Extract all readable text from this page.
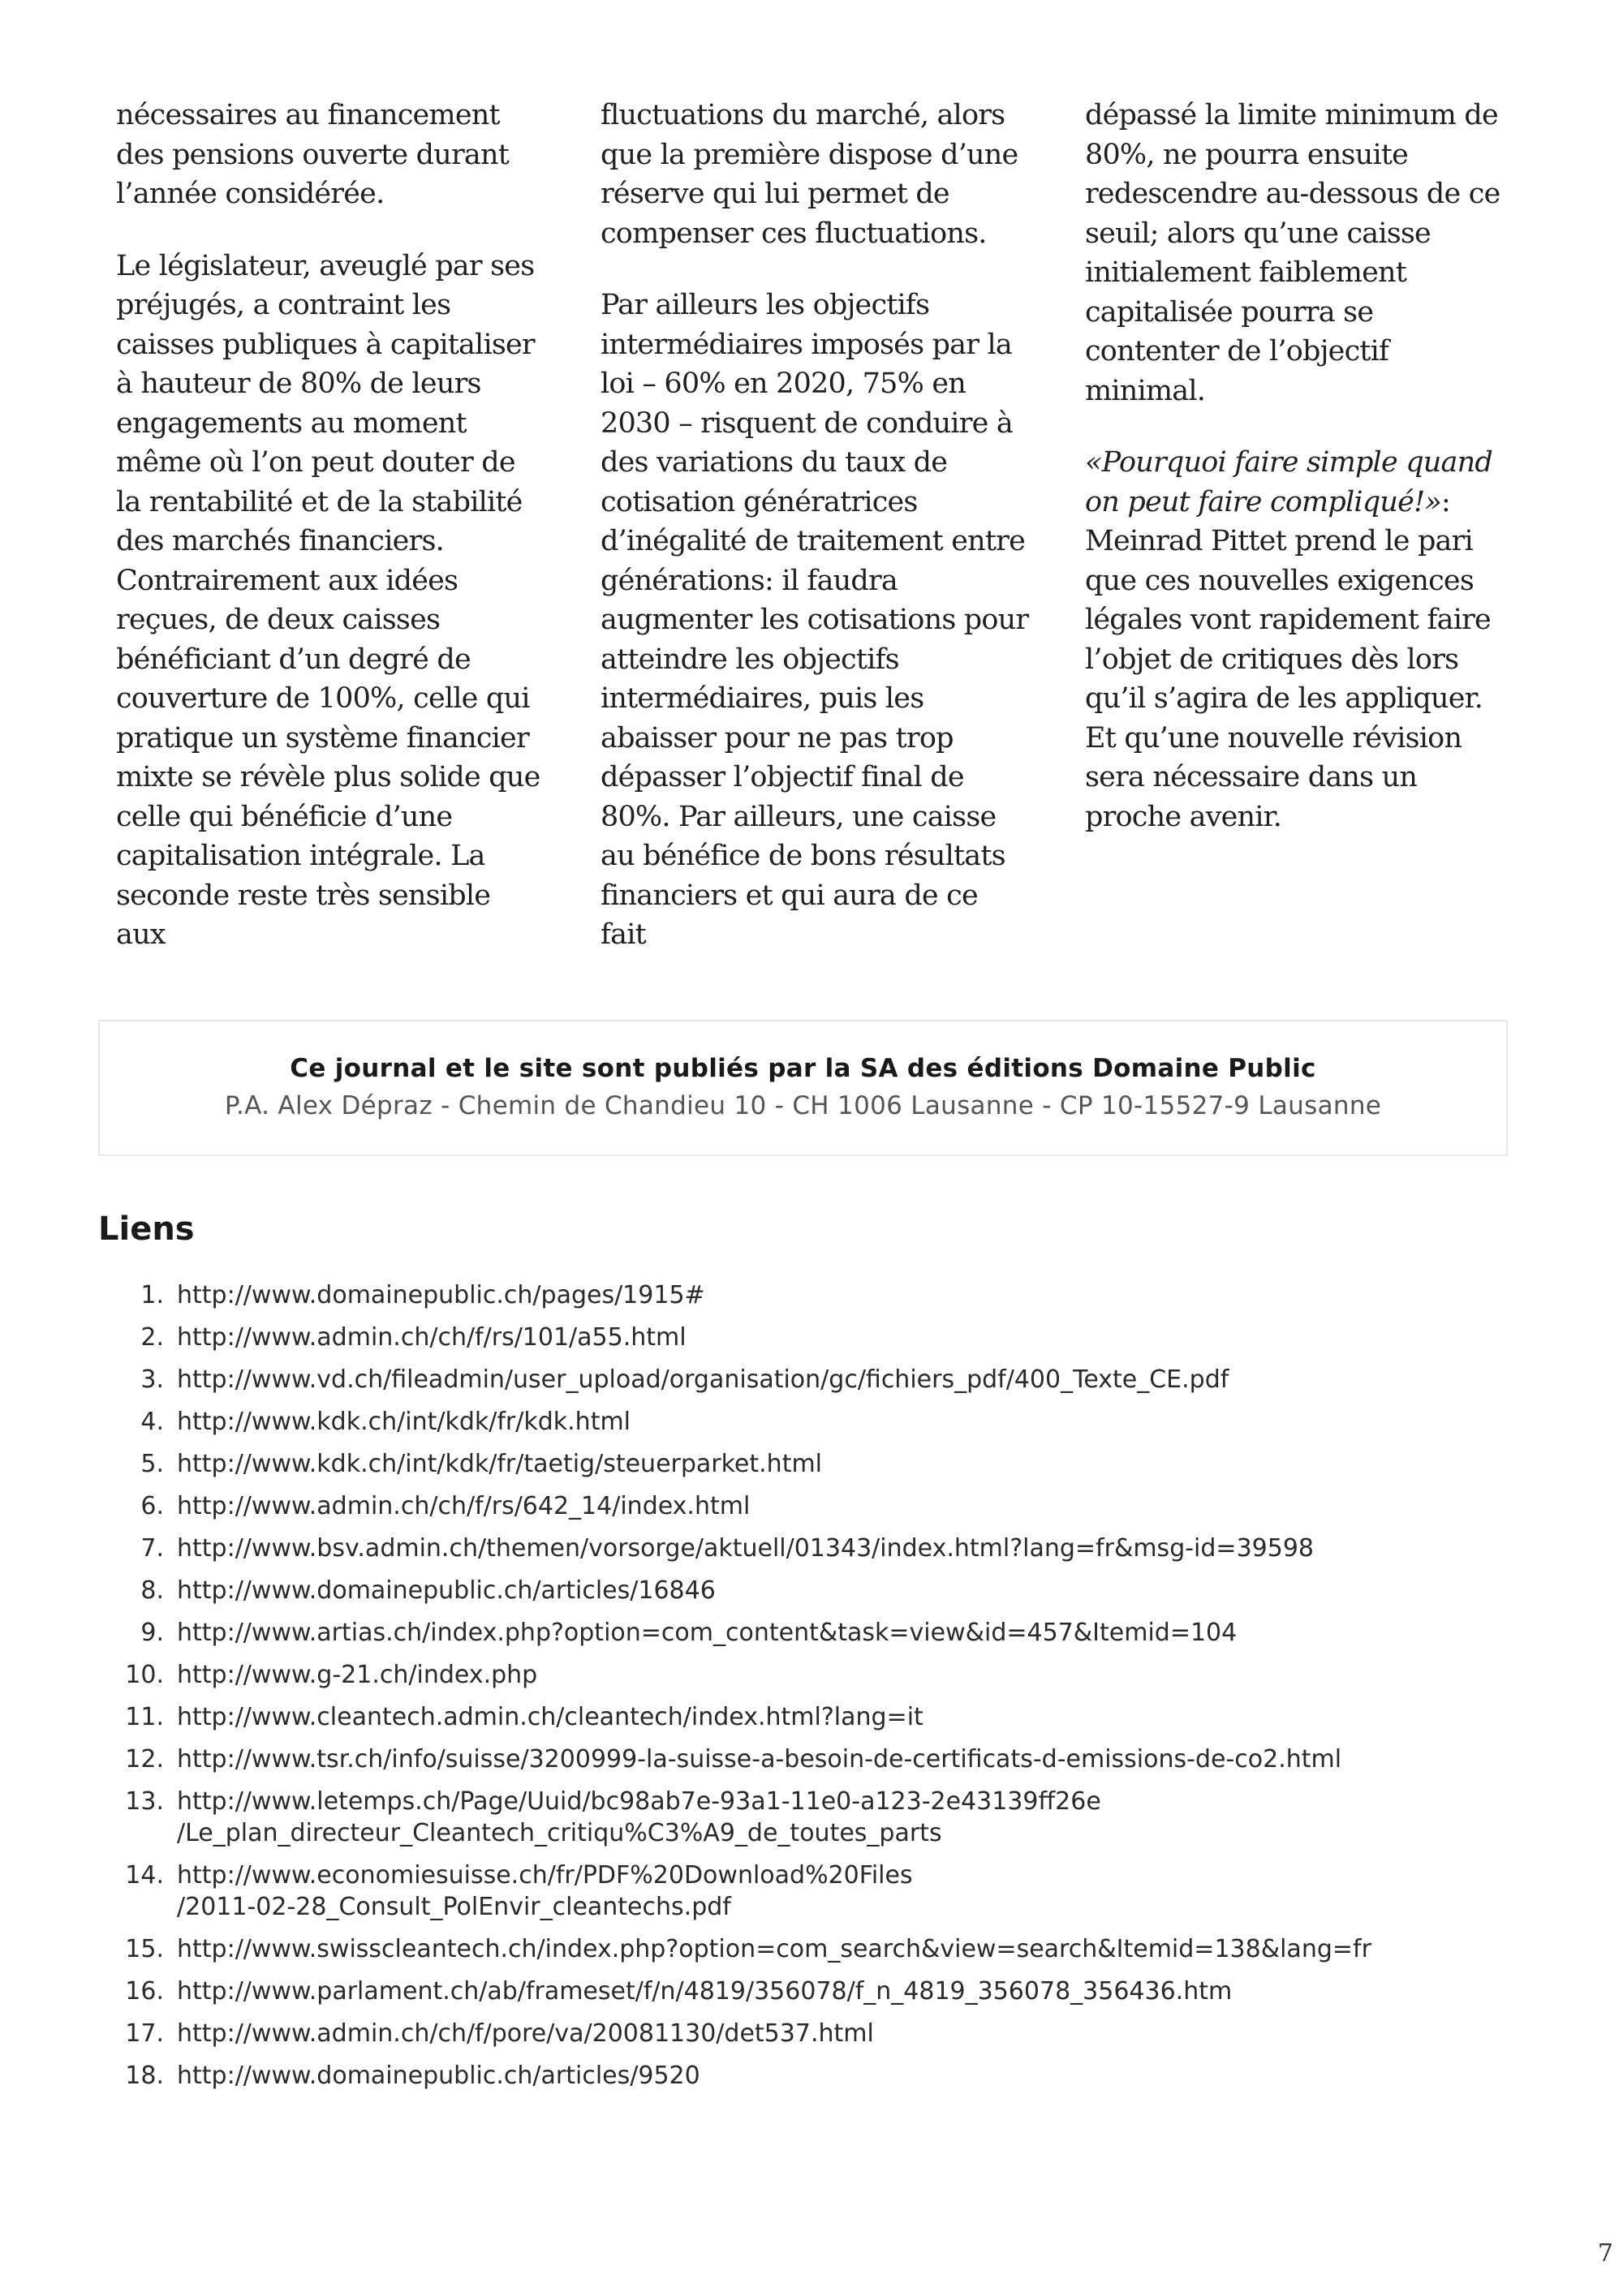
nécessaires au financement des pensions ouverte durant l’année considérée.

Le législateur, aveuglé par ses préjugés, a contraint les caisses publiques à capitaliser à hauteur de 80% de leurs engagements au moment même où l’on peut douter de la rentabilité et de la stabilité des marchés financiers. Contrairement aux idées reçues, de deux caisses bénéficiant d’un degré de couverture de 100%, celle qui pratique un système financier mixte se révèle plus solide que celle qui bénéficie d’une capitalisation intégrale. La seconde reste très sensible aux

fluctuations du marché, alors que la première dispose d’une réserve qui lui permet de compenser ces fluctuations.

Par ailleurs les objectifs intermédiaires imposés par la loi – 60% en 2020, 75% en 2030 – risquent de conduire à des variations du taux de cotisation génératrices d’inégalité de traitement entre générations: il faudra augmenter les cotisations pour atteindre les objectifs intermédiaires, puis les abaisser pour ne pas trop dépasser l’objectif final de 80%. Par ailleurs, une caisse au bénéfice de bons résultats financiers et qui aura de ce fait

dépassé la limite minimum de 80%, ne pourra ensuite redescendre au-dessous de ce seuil; alors qu’une caisse initialement faiblement capitalisée pourra se contenter de l’objectif minimal.

«Pourquoi faire simple quand on peut faire compliqué!»: Meinrad Pittet prend le pari que ces nouvelles exigences légales vont rapidement faire l’objet de critiques dès lors qu’il s’agira de les appliquer. Et qu’une nouvelle révision sera nécessaire dans un proche avenir.

Ce journal et le site sont publiés par la SA des éditions Domaine Public
P.A. Alex Dépraz - Chemin de Chandieu 10 - CH 1006 Lausanne - CP 10-15527-9 Lausanne
Liens
1. http://www.domainepublic.ch/pages/1915#
2. http://www.admin.ch/ch/f/rs/101/a55.html
3. http://www.vd.ch/fileadmin/user_upload/organisation/gc/fichiers_pdf/400_Texte_CE.pdf
4. http://www.kdk.ch/int/kdk/fr/kdk.html
5. http://www.kdk.ch/int/kdk/fr/taetig/steuerparket.html
6. http://www.admin.ch/ch/f/rs/642_14/index.html
7. http://www.bsv.admin.ch/themen/vorsorge/aktuell/01343/index.html?lang=fr&msg-id=39598
8. http://www.domainepublic.ch/articles/16846
9. http://www.artias.ch/index.php?option=com_content&task=view&id=457&Itemid=104
10. http://www.g-21.ch/index.php
11. http://www.cleantech.admin.ch/cleantech/index.html?lang=it
12. http://www.tsr.ch/info/suisse/3200999-la-suisse-a-besoin-de-certificats-d-emissions-de-co2.html
13. http://www.letemps.ch/Page/Uuid/bc98ab7e-93a1-11e0-a123-2e43139ff26e
/Le_plan_directeur_Cleantech_critiqu%C3%A9_de_toutes_parts
14. http://www.economiesuisse.ch/fr/PDF%20Download%20Files
/2011-02-28_Consult_PolEnvir_cleantechs.pdf
15. http://www.swisscleantech.ch/index.php?option=com_search&view=search&Itemid=138&lang=fr
16. http://www.parlament.ch/ab/frameset/f/n/4819/356078/f_n_4819_356078_356436.htm
17. http://www.admin.ch/ch/f/pore/va/20081130/det537.html
18. http://www.domainepublic.ch/articles/9520
7
